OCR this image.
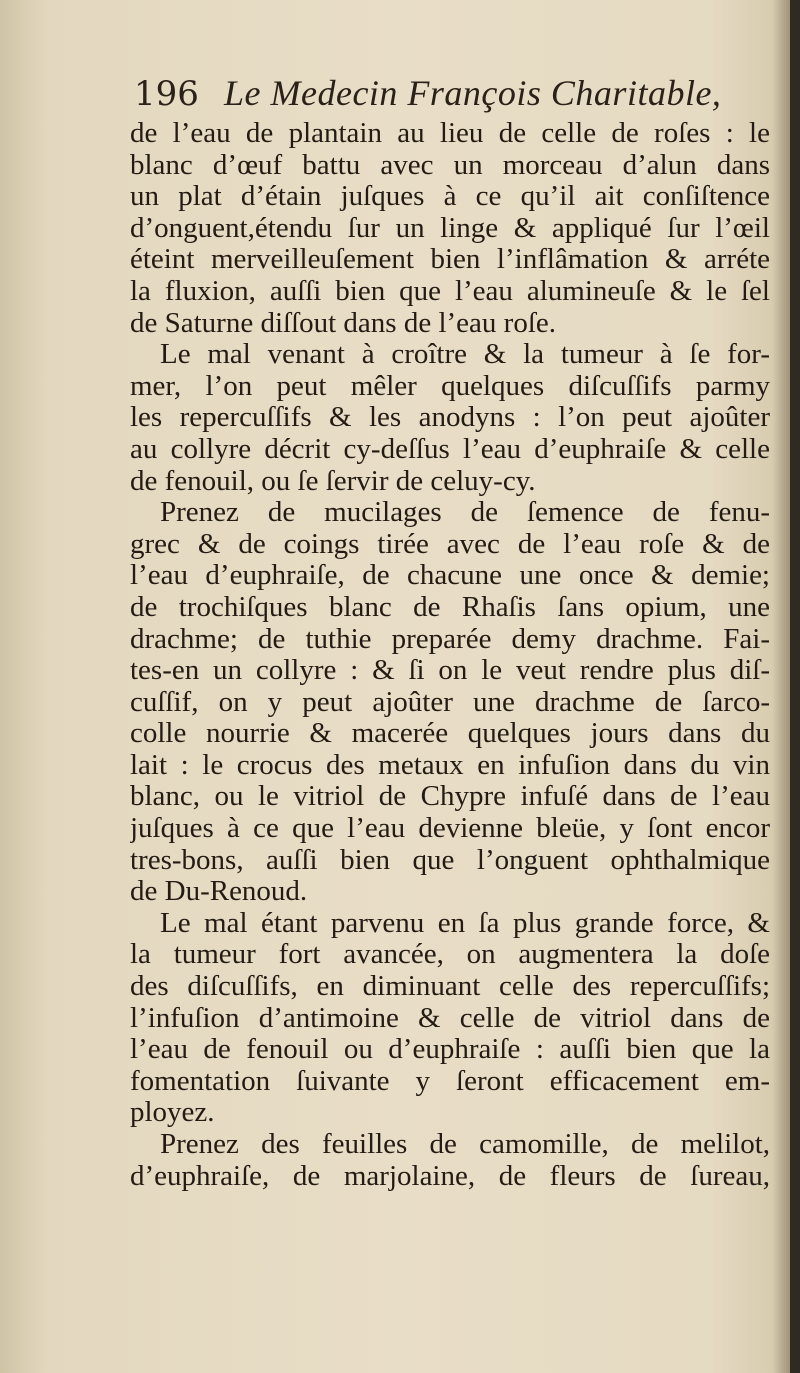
196 Le Medecin François Charitable,
de l’eau de plantain au lieu de celle de roſes : le
blanc d’œuf battu avec un morceau d’alun dans
un plat d’étain juſques à ce qu’il ait conſiſtence
d’onguent,étendu ſur un linge & appliqué ſur l’œil
éteint merveilleuſement bien l’inflâmation & arréte
la fluxion, auſſi bien que l’eau alumineuſe & le ſel
de Saturne diſſout dans de l’eau roſe.
Le mal venant à croître & la tumeur à ſe for-
mer, l’on peut mêler quelques diſcuſſifs parmy
les repercuſſifs & les anodyns : l’on peut ajoûter
au collyre décrit cy-deſſus l’eau d’euphraiſe & celle
de fenouil, ou ſe ſervir de celuy-cy.
Prenez de mucilages de ſemence de fenu-
grec & de coings tirée avec de l’eau roſe & de
l’eau d’euphraiſe, de chacune une once & demie;
de trochiſques blanc de Rhaſis ſans opium, une
drachme; de tuthie preparée demy drachme. Fai-
tes-en un collyre : & ſi on le veut rendre plus diſ-
cuſſif, on y peut ajoûter une drachme de ſarco-
colle nourrie & macerée quelques jours dans du
lait : le crocus des metaux en infuſion dans du vin
blanc, ou le vitriol de Chypre infuſé dans de l’eau
juſques à ce que l’eau devienne bleüe, y ſont encor
tres-bons, auſſi bien que l’onguent ophthalmique
de Du-Renoud.
Le mal étant parvenu en ſa plus grande force, &
la tumeur fort avancée, on augmentera la doſe
des diſcuſſifs, en diminuant celle des repercuſſifs;
l’infuſion d’antimoine & celle de vitriol dans de
l’eau de fenouil ou d’euphraiſe : auſſi bien que la
fomentation ſuivante y ſeront efficacement em-
ployez.
Prenez des feuilles de camomille, de melilot,
d’euphraiſe, de marjolaine, de fleurs de ſureau,
